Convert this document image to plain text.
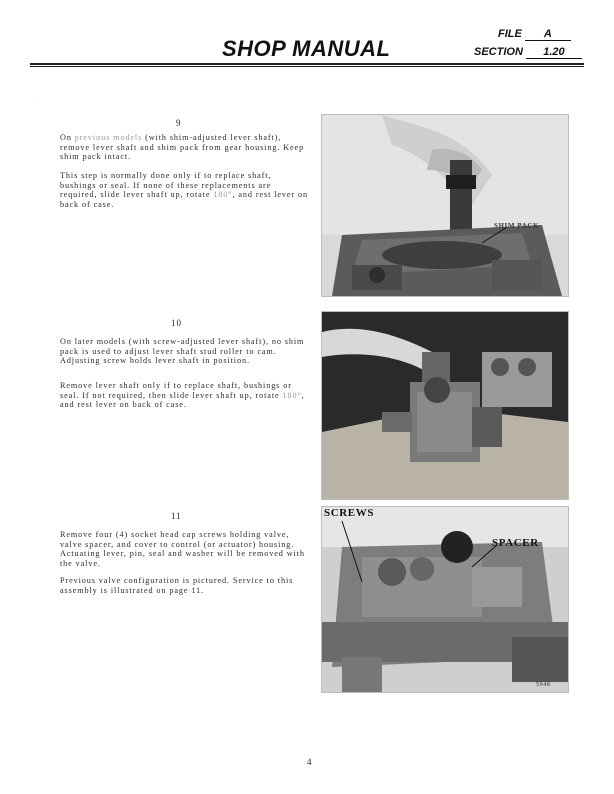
FILE A
SHOP MANUAL	SECTION 1.20
:
9

On previous models (with shim-adjusted lever shaft), remove lever shaft and shim pack from gear housing. Keep shim pack intact.

This step is normally done only if to replace shaft, bushings or seal. If none of these replacements are required, slide lever shaft up, rotate 180°, and rest lever on back of case.

SHIM PACK
10

On later models (with screw-adjusted lever shaft), no shim pack is used to adjust lever shaft stud roller to cam. Adjusting screw holds lever shaft in position.

Remove lever shaft only if to replace shaft, bushings or seal. If not required, then slide lever shaft up, rotate 180°, and rest lever on back of case.

11

Remove four (4) socket head cap screws holding valve, valve spacer, and cover to control (or actuator) housing. Actuating lever, pin, seal and washer will be removed with the valve.

Previous valve configuration is pictured. Service to this assembly is illustrated on page 11.

SCREWS
SPACER
5948
4
